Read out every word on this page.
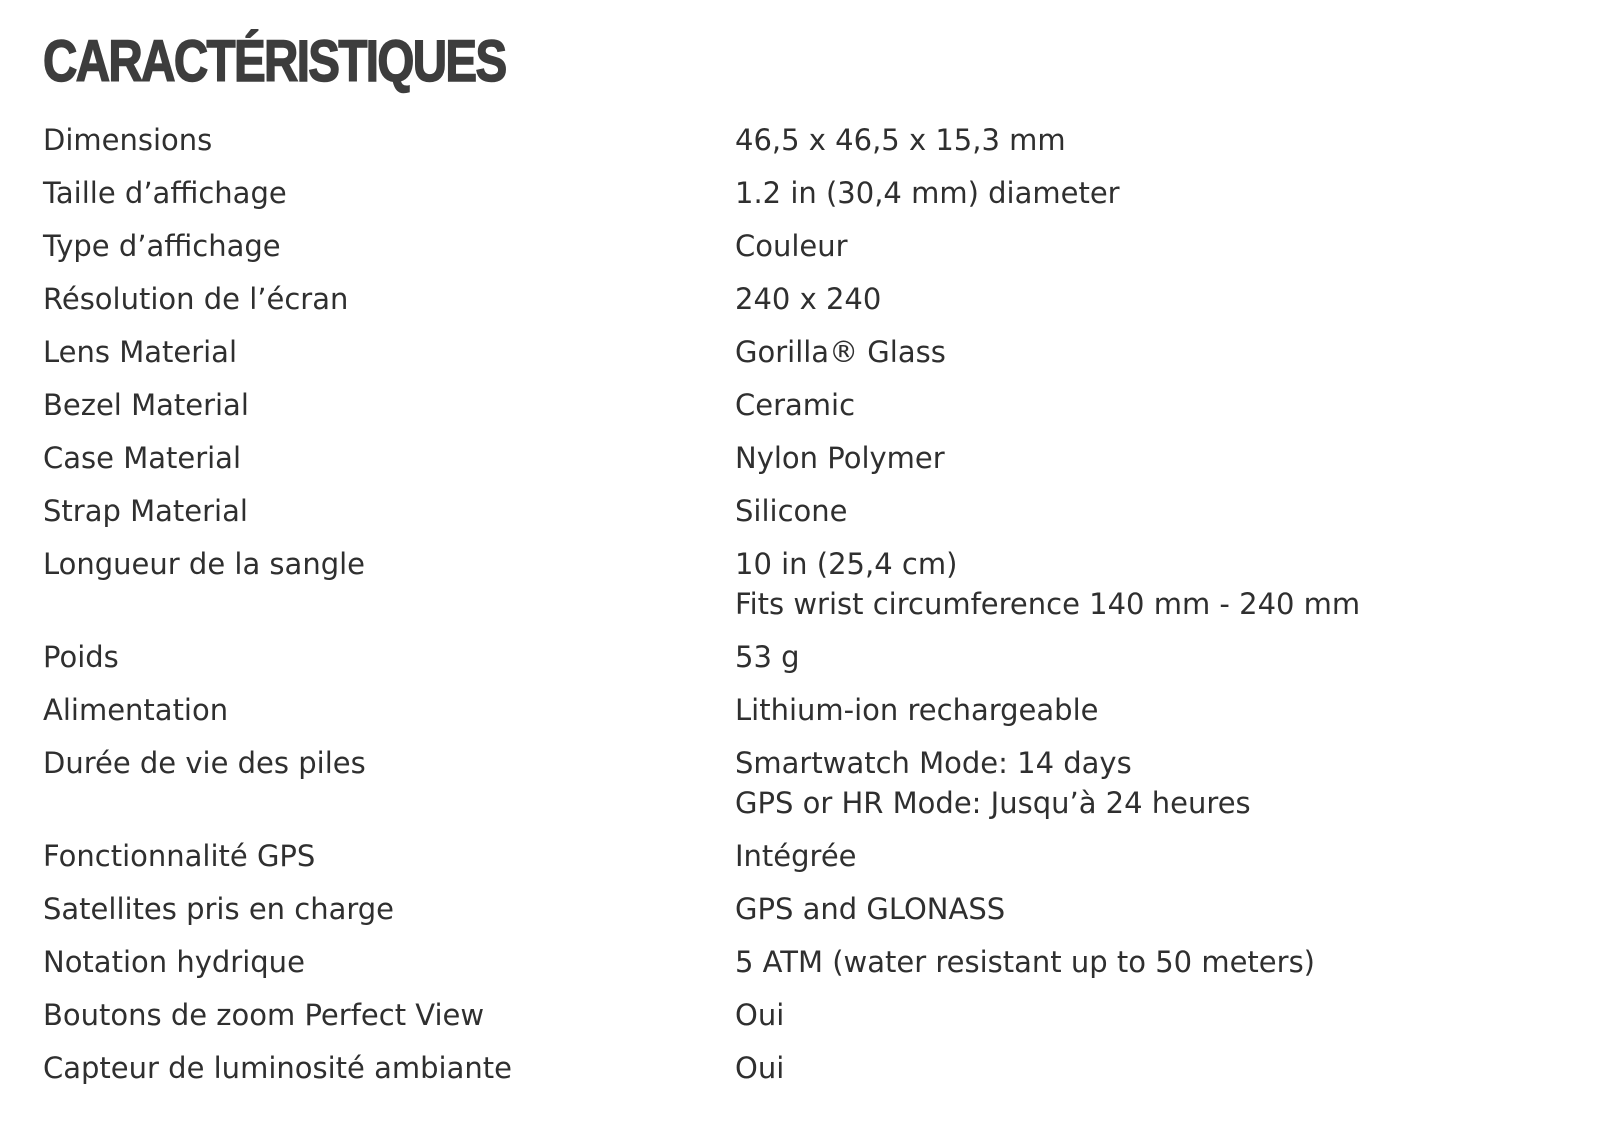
CARACTÉRISTIQUES
Dimensions	46,5 x 46,5 x 15,3 mm
Taille d’affichage	1.2 in (30,4 mm) diameter
Type d’affichage	Couleur
Résolution de l’écran	240 x 240
Lens Material	Gorilla® Glass
Bezel Material	Ceramic
Case Material	Nylon Polymer
Strap Material	Silicone
Longueur de la sangle	10 in (25,4 cm)
Fits wrist circumference 140 mm - 240 mm
Poids	53 g
Alimentation	Lithium-ion rechargeable
Durée de vie des piles	Smartwatch Mode: 14 days
GPS or HR Mode: Jusqu’à 24 heures
Fonctionnalité GPS	Intégrée
Satellites pris en charge	GPS and GLONASS
Notation hydrique	5 ATM (water resistant up to 50 meters)
Boutons de zoom Perfect View	Oui
Capteur de luminosité ambiante	Oui
